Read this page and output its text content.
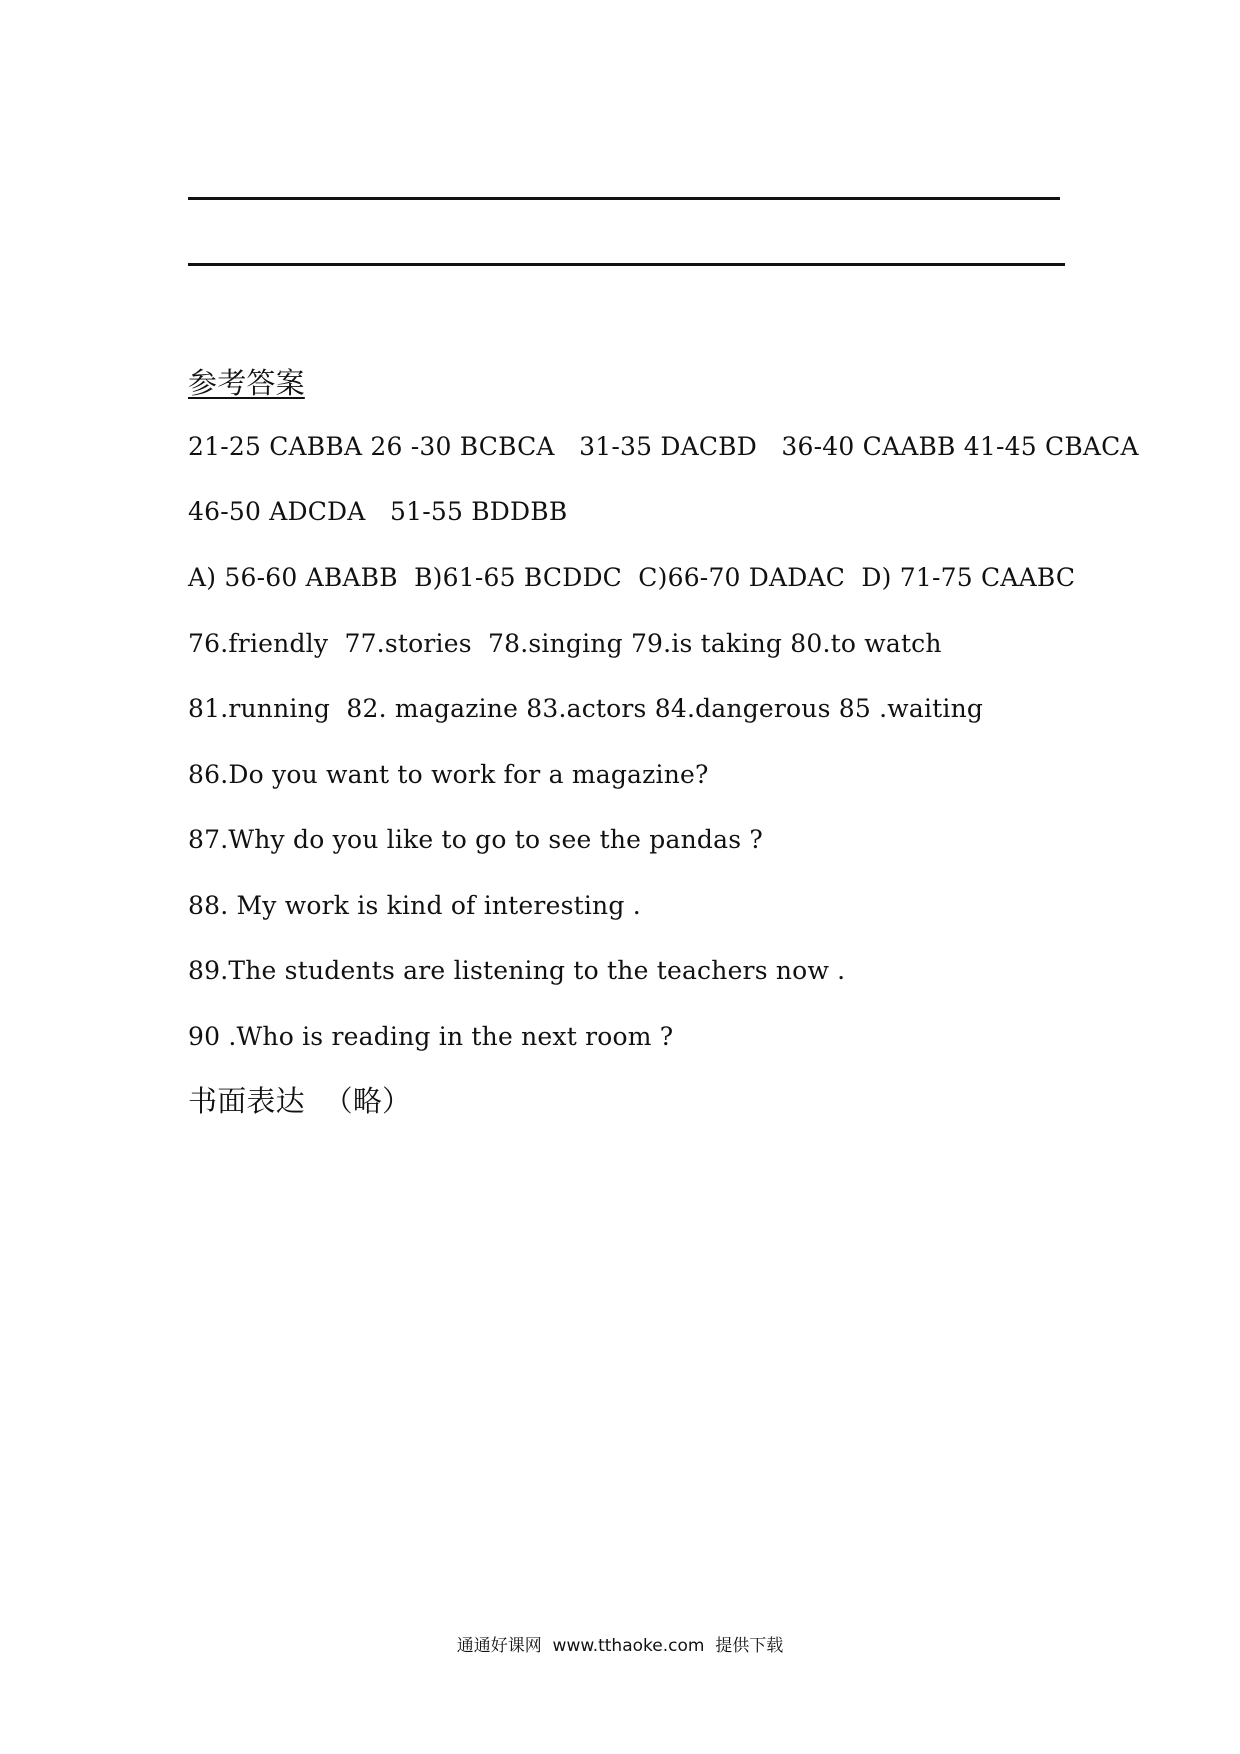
参考答案
21-25 CABBA 26 -30 BCBCA   31-35 DACBD   36-40 CAABB 41-45 CBACA
46-50 ADCDA   51-55 BDDBB
A) 56-60 ABABB  B)61-65 BCDDC  C)66-70 DADAC  D) 71-75 CAABC
76.friendly  77.stories  78.singing 79.is taking 80.to watch
81.running  82. magazine 83.actors 84.dangerous 85 .waiting
86.Do you want to work for a magazine?
87.Why do you like to go to see the pandas ?
88. My work is kind of interesting .
89.The students are listening to the teachers now .
90 .Who is reading in the next room ?
书面表达  （略）
通通好课网  www.tthaoke.com  提供下载
